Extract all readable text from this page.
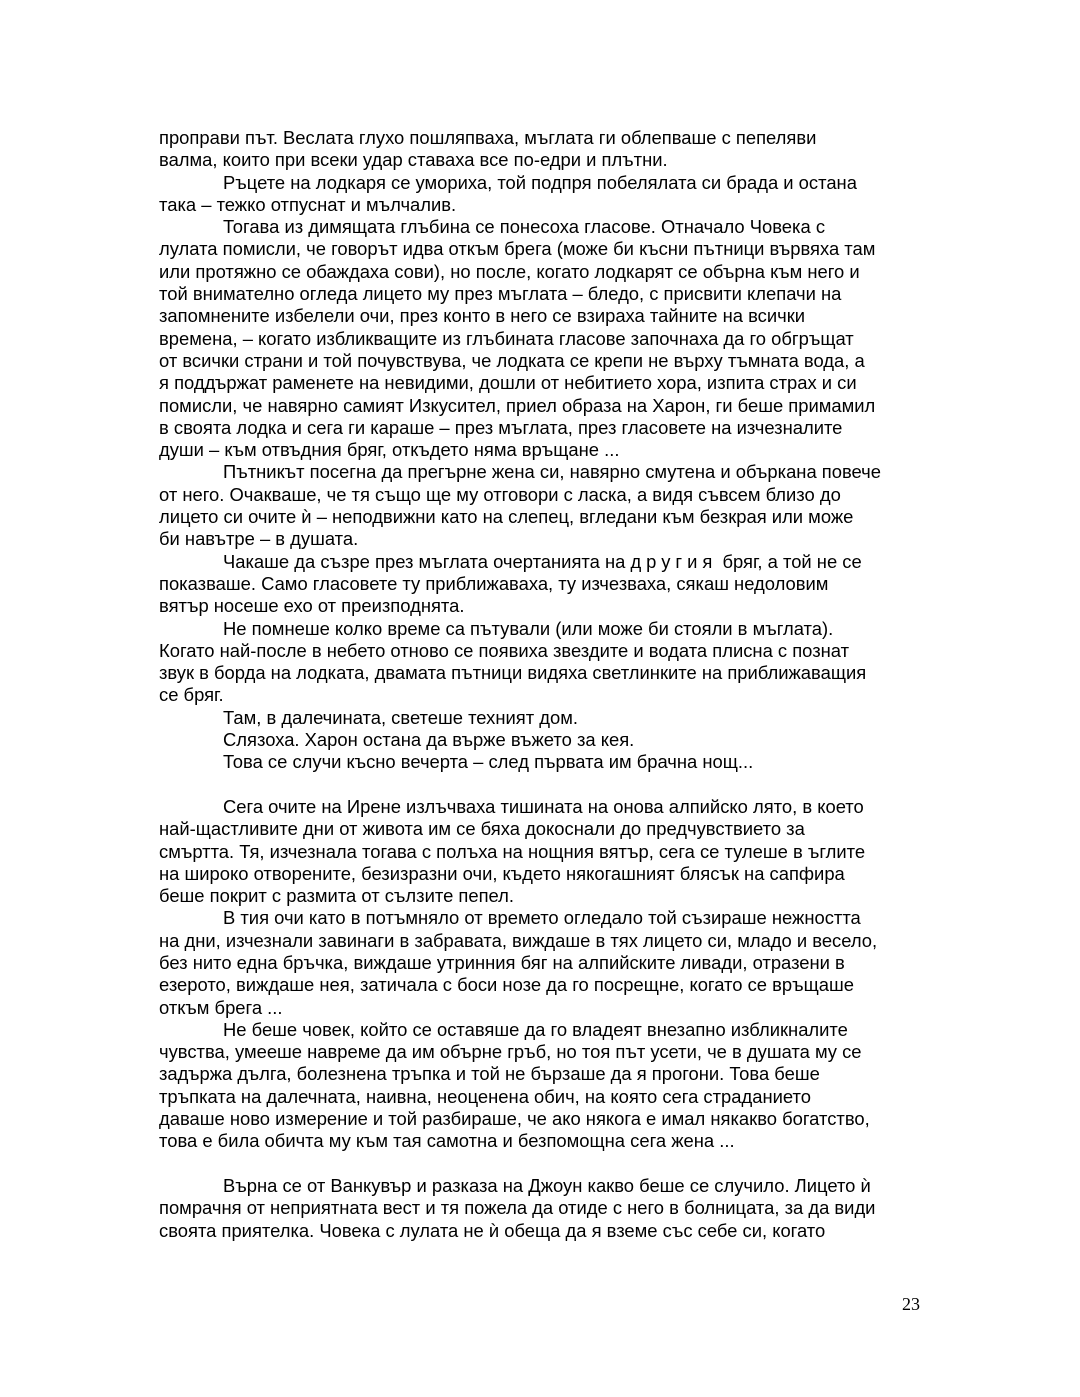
проправи път. Веслата глухо пошляпваха, мъглата ги облепваше с пепеляви
валма, които при всеки удар ставаха все по-едри и плътни.
Ръцете на лодкаря се умориха, той подпря побелялата си брада и остана
така – тежко отпуснат и мълчалив.
Тогава из димящата глъбина се понесоха гласове. Отначало Човека с
лулата помисли, че говорът идва откъм брега (може би късни пътници вървяха там
или протяжно се обаждаха сови), но после, когато лодкарят се обърна към него и
той внимателно огледа лицето му през мъглата – бледо, с присвити клепачи на
запомнените избелели очи, през конто в него се взираха тайните на всички
времена, – когато избликващите из глъбината гласове започнаха да го обгръщат
от всички страни и той почувствува, че лодката се крепи не върху тъмната вода, а
я поддържат раменете на невидими, дошли от небитието хора, изпита страх и си
помисли, че навярно самият Изкусител, приел образа на Харон, ги беше примамил
в своята лодка и сега ги караше – през мъглата, през гласовете на изчезналите
души – към отвъдния бряг, откъдето няма връщане ...
Пътникът посегна да прегърне жена си, навярно смутена и объркана повече
от него. Очакваше, че тя също ще му отговори с ласка, а видя съвсем близо до
лицето си очите ѝ – неподвижни като на слепец, вгледани към безкрая или може
би навътре – в душата.
Чакаше да съзре през мъглата очертанията на другия бряг, а той не се
показваше. Само гласовете ту приближаваха, ту изчезваха, сякаш недоловим
вятър носеше ехо от преизподнята.
Не помнеше колко време са пътували (или може би стояли в мъглата).
Когато най-после в небето отново се появиха звездите и водата плисна с познат
звук в борда на лодката, двамата пътници видяха светлинките на приближаващия
се бряг.
Там, в далечината, светеше техният дом.
Слязоха. Харон остана да върже въжето за кея.
Това се случи късно вечерта – след първата им брачна нощ...
Сега очите на Ирене излъчваха тишината на онова алпийско лято, в което
най-щастливите дни от живота им се бяха докоснали до предчувствието за
смъртта. Тя, изчезнала тогава с полъха на нощния вятър, сега се тулеше в ъглите
на широко отворените, безизразни очи, където някогашният блясък на сапфира
беше покрит с размита от сълзите пепел.
В тия очи като в потъмняло от времето огледало той съзираше нежността
на дни, изчезнали завинаги в забравата, виждаше в тях лицето си, младо и весело,
без нито една бръчка, виждаше утринния бяг на алпийските ливади, отразени в
езерото, виждаше нея, затичала с боси нозе да го посрещне, когато се връщаше
откъм брега ...
Не беше човек, който се оставяше да го владеят внезапно избликналите
чувства, умееше навреме да им обърне гръб, но тоя път усети, че в душата му се
задържа дълга, болезнена тръпка и той не бързаше да я прогони. Това беше
тръпката на далечната, наивна, неоценена обич, на която сега страданието
даваше ново измерение и той разбираше, че ако някога е имал някакво богатство,
това е била обичта му към тая самотна и безпомощна сега жена ...
Върна се от Ванкувър и разказа на Джоун какво беше се случило. Лицето ѝ
помрачня от неприятната вест и тя пожела да отиде с него в болницата, за да види
своята приятелка. Човека с лулата не ѝ обеща да я вземе със себе си, когато
23
